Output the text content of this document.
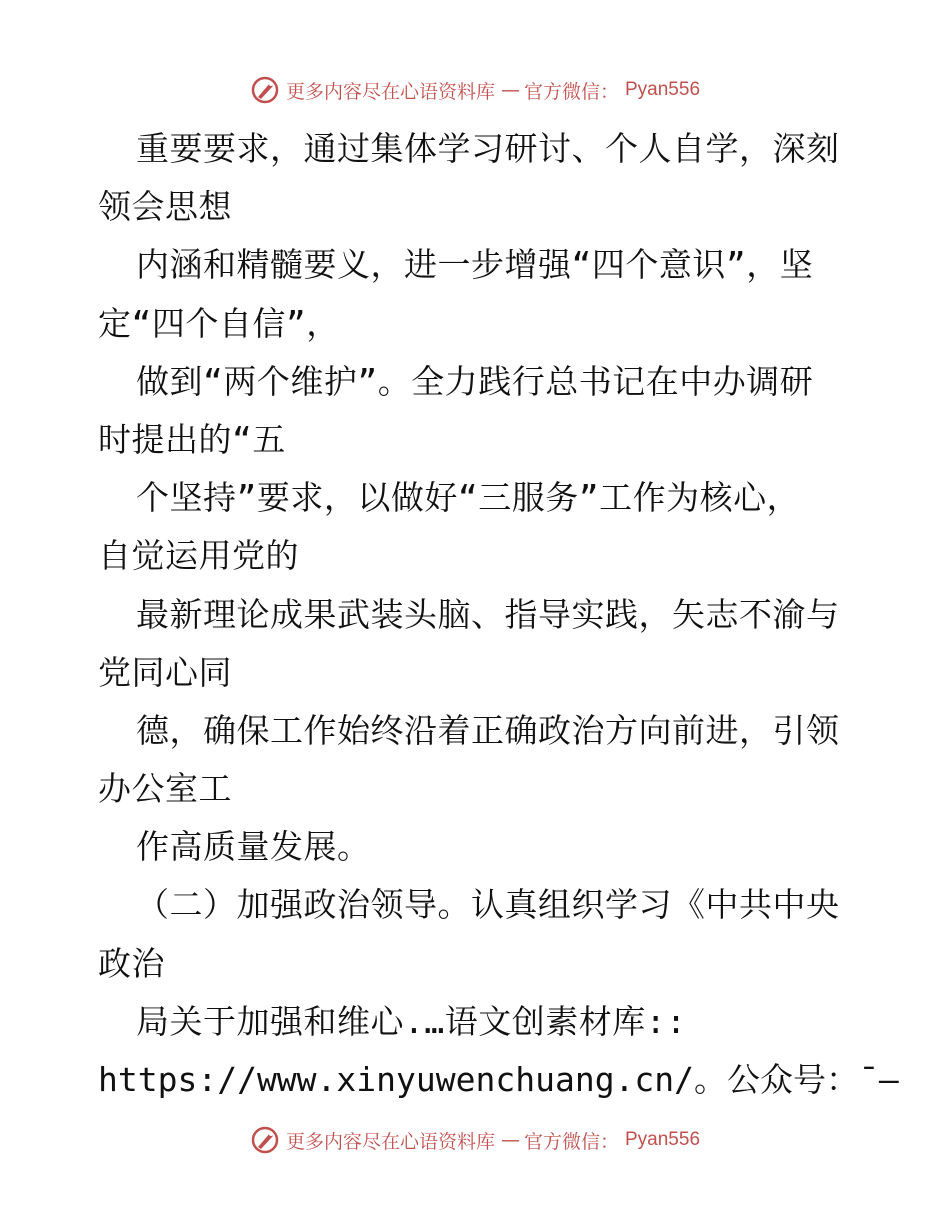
更多内容尽在心语资料库 — 官方微信： Pyan556
重要要求，通过集体学习研讨、个人自学，深刻
领会思想
内涵和精髓要义，进一步增强“四个意识”，坚
定“四个自信”，
做到“两个维护”。全力践行总书记在中办调研
时提出的“五
个坚持”要求，以做好“三服务”工作为核心，
自觉运用党的
最新理论成果武装头脑、指导实践，矢志不渝与
党同心同
德，确保工作始终沿着正确政治方向前进，引领
办公室工
作高质量发展。
（二）加强政治领导。认真组织学习《中共中央
政治
局关于加强和维心.…语文创素材库::
https://www.xinyuwenchuang.cn/。公众号：¯—
更多内容尽在心语资料库 — 官方微信： Pyan556
